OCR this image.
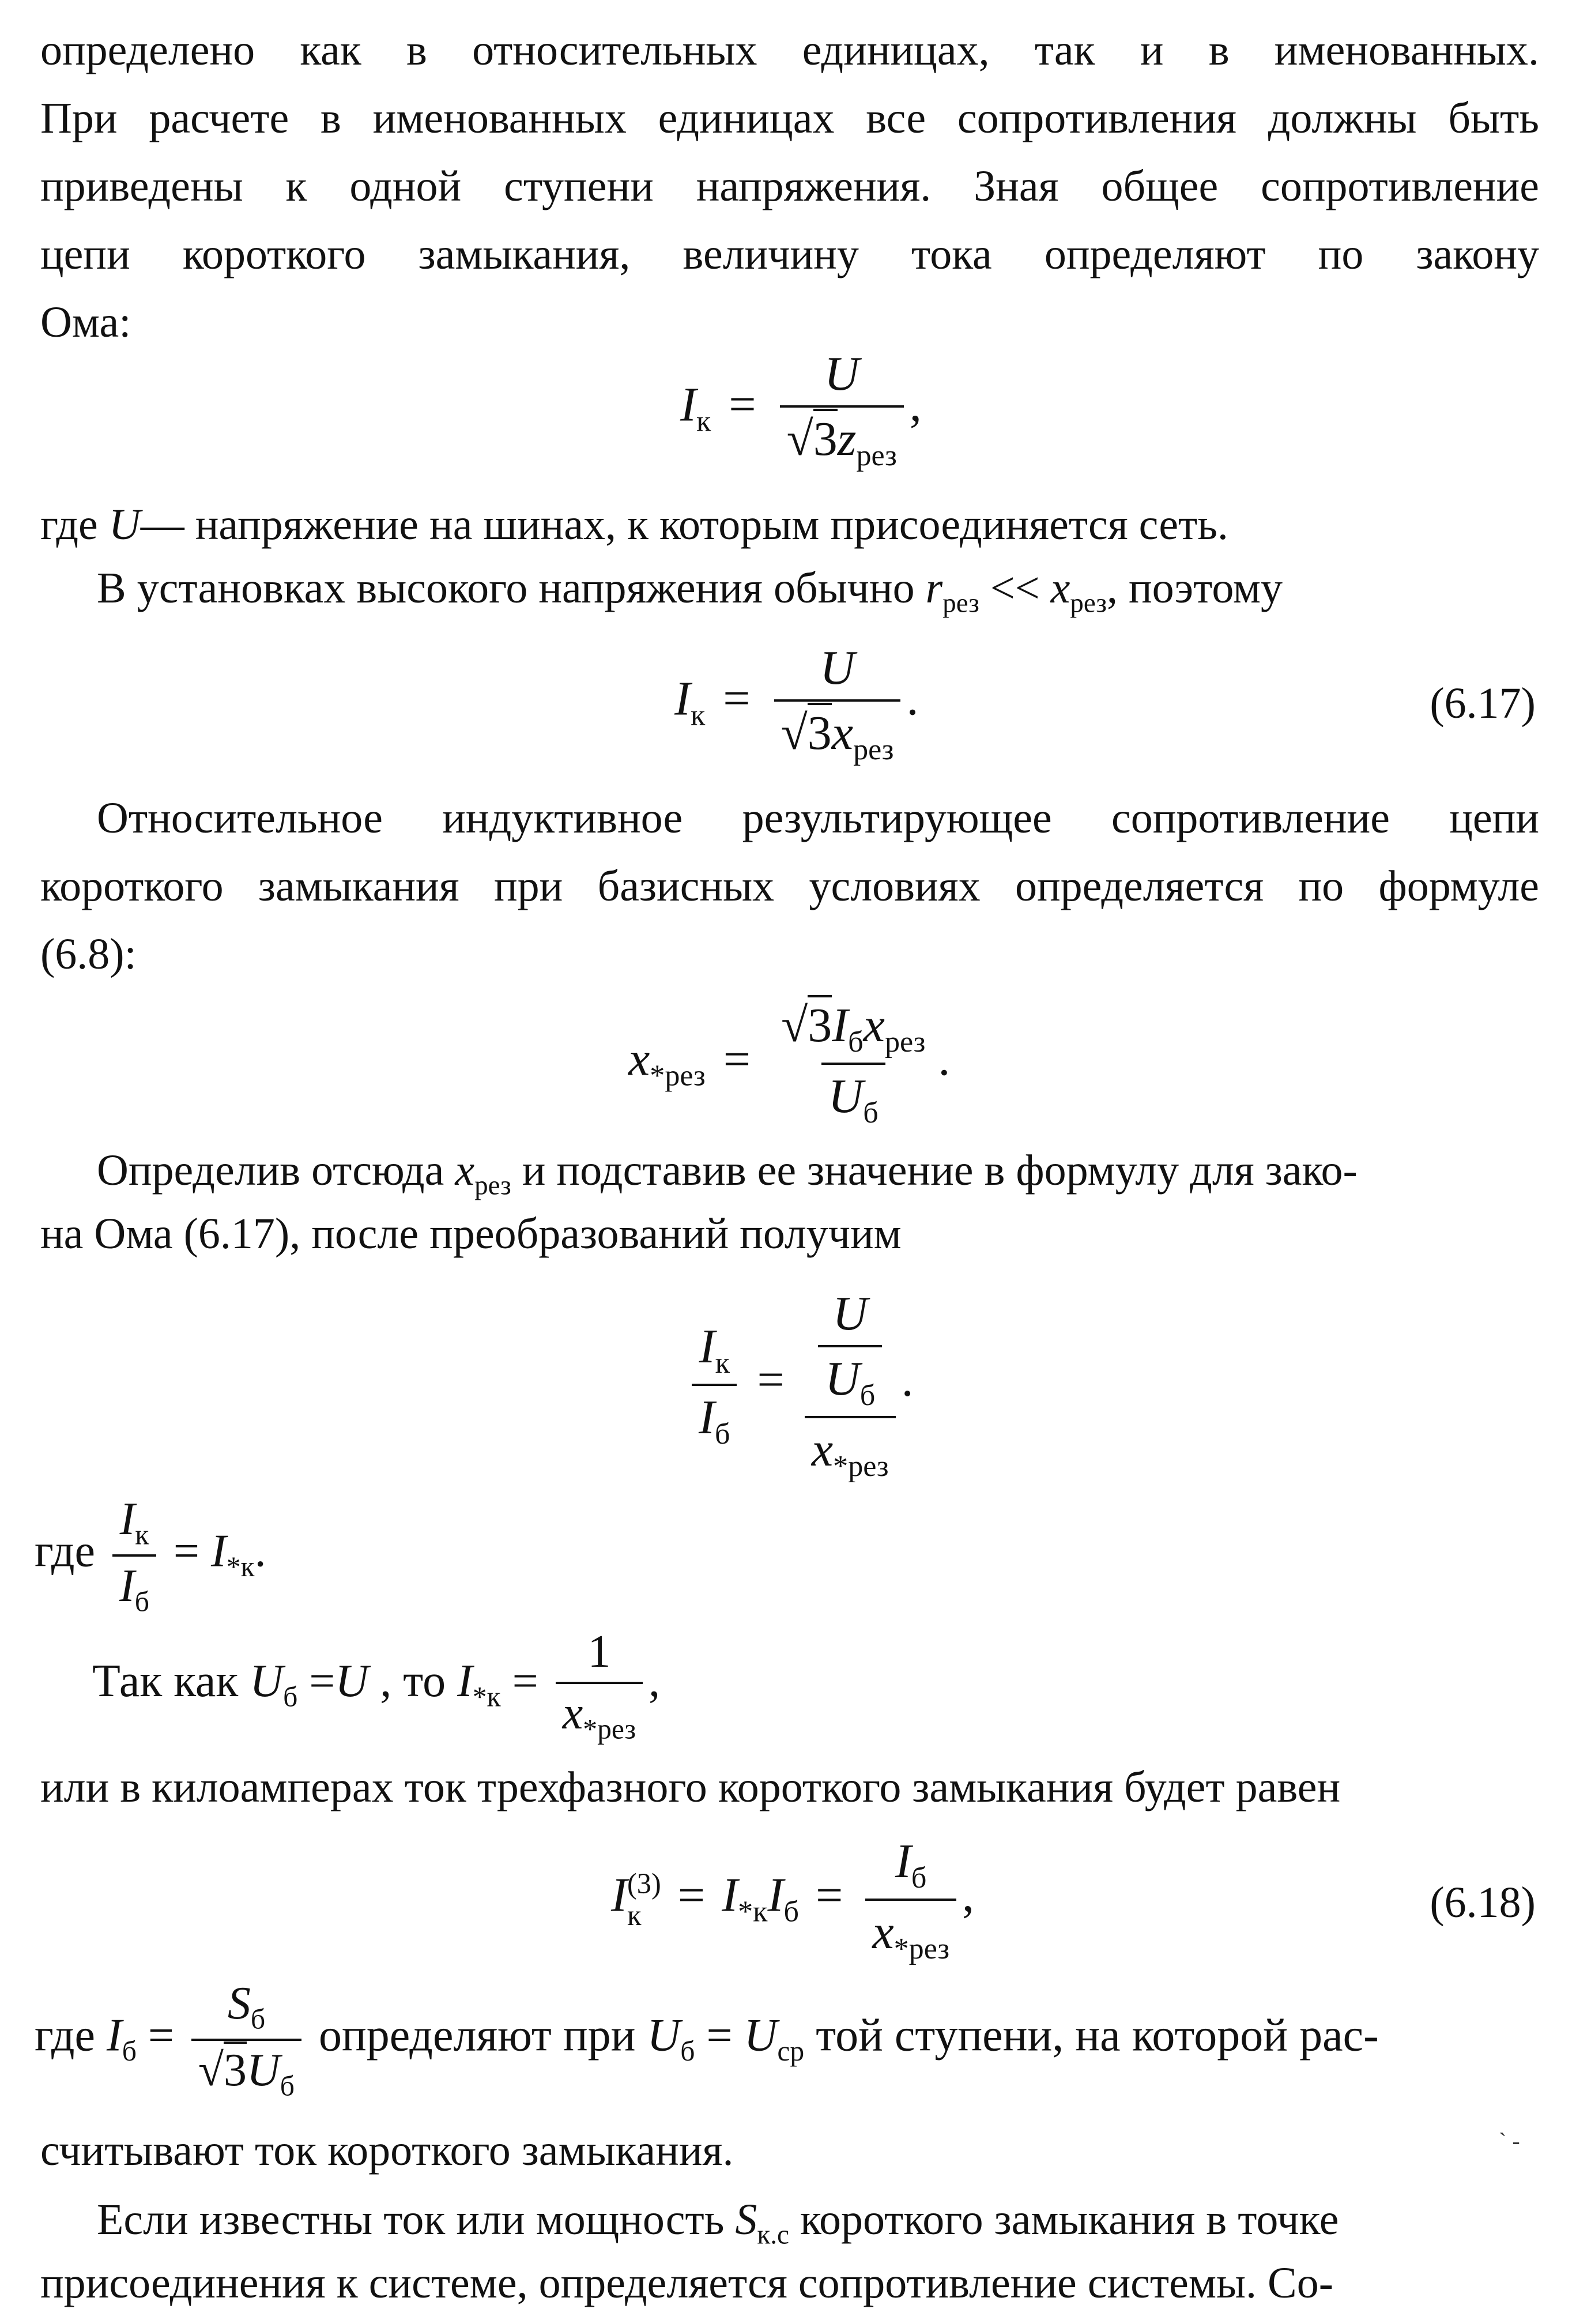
определено как в относительных единицах, так и в именованных.
При расчете в именованных единицах все сопротивления должны быть
приведены к одной ступени напряжения. Зная общее сопротивление
цепи короткого замыкания, величину тока определяют по закону
Ома:
$I_к = \frac{U}{√3z_{рез}}$ ,
где U— напряжение на шинах, к которым присоединяется сеть.
В установках высокого напряжения обычно $r_{рез} << x_{рез}$, поэтому
$I_к = \frac{U}{√3x_{рез}}$ .	(6.17)
Относительное индуктивное результирующее сопротивление цепи
короткого замыкания при базисных условиях определяется по формуле
(6.8):
$x_{*рез} = \frac{√3I_бx_{рез}}{U_б}$ .
Определив отсюда $x_{рез}$ и подставив ее значение в формулу для зако-
на Ома (6.17), после преобразований получим
$\frac{I_к}{I_б} = \frac{\frac{U}{U_б}}{x_{*рез}}$ .
где $\frac{I_к}{I_б} = I_{*к}$.
Так как $U_б =U$ , то $I_{*к} = \frac{1}{x_{*рез}}$ ,
или в килоамперах ток трехфазного короткого замыкания будет равен
I (3)
$к = I_{*к}I_б = \frac{I_б}{x_{*рез}}$ ,	(6.18)
где $I_б = \frac{S_б}{√3U_б}$ определяют при $U_б = U_{ср}$ той ступени, на которой рас-
считывают ток короткого замыкания.	` -
Если известны ток или мощность $S_{к.с}$ короткого замыкания в точке
присоединения к системе, определяется сопротивление системы. Со-
